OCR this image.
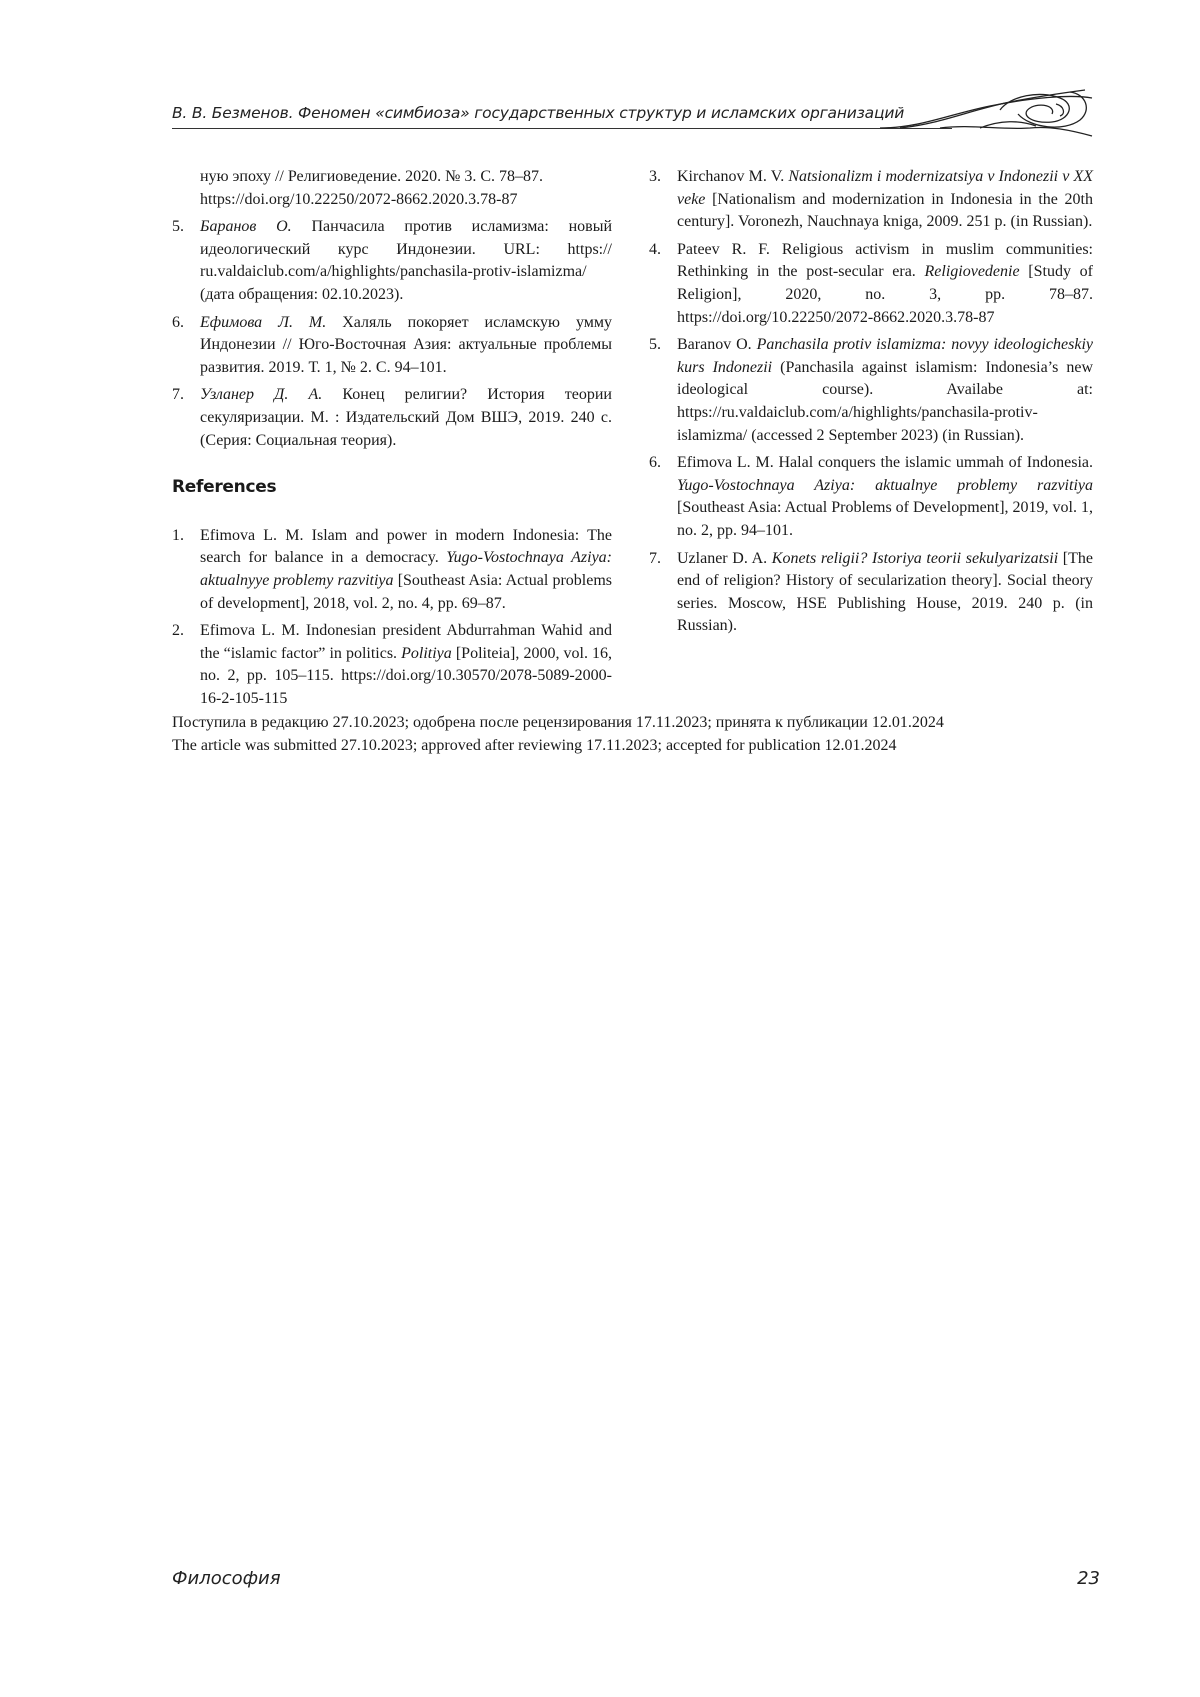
В. В. Безменов. Феномен «симбиоза» государственных структур и исламских организаций
ную эпоху // Религиоведение. 2020. № 3. С. 78–87.
https://doi.org/10.22250/2072-8662.2020.3.78-87
5.	Баранов О. Панчасила против исламизма: новый идеологический курс Индонезии. URL: https:// ru.valdaiclub.com/a/highlights/panchasila-protiv-islamizma/ (дата обращения: 02.10.2023).
6.	Ефимова Л. М. Халяль покоряет исламскую умму Индонезии // Юго-Восточная Азия: актуальные проблемы развития. 2019. Т. 1, № 2. С. 94–101.
7.	Узланер Д. А. Конец религии? История теории секуляризации. М. : Издательский Дом ВШЭ, 2019. 240 с. (Серия: Социальная теория).
References
1.	Efimova L. M. Islam and power in modern Indonesia: The search for balance in a democracy. Yugo-Vostochnaya Aziya: aktualnyye problemy razvitiya [Southeast Asia: Actual problems of development], 2018, vol. 2, no. 4, pp. 69–87.
2.	Efimova L. M. Indonesian president Abdurrahman Wahid and the “islamic factor” in politics. Politiya [Politeia], 2000, vol. 16, no. 2, pp. 105–115. https://doi.org/10.30570/2078-5089-2000-16-2-105-115
3.	Kirchanov M. V. Natsionalizm i modernizatsiya v Indonezii v XX veke [Nationalism and modernization in Indonesia in the 20th century]. Voronezh, Nauchnaya kniga, 2009. 251 p. (in Russian).
4.	Pateev R. F. Religious activism in muslim communities: Rethinking in the post-secular era. Religiovedenie [Study of Religion], 2020, no. 3, pp. 78–87. https://doi.org/10.22250/2072-8662.2020.3.78-87
5.	Baranov O. Panchasila protiv islamizma: novyy ideologicheskiy kurs Indonezii (Panchasila against islamism: Indonesia’s new ideological course). Availabe at: https://ru.valdaiclub.com/a/highlights/panchasila-protiv-islamizma/ (accessed 2 September 2023) (in Russian).
6.	Efimova L. M. Halal conquers the islamic ummah of Indonesia. Yugo-Vostochnaya Aziya: aktualnye problemy razvitiya [Southeast Asia: Actual Problems of Development], 2019, vol. 1, no. 2, pp. 94–101.
7.	Uzlaner D. A. Konets religii? Istoriya teorii sekulyarizatsii [The end of religion? History of secularization theory]. Social theory series. Moscow, HSE Publishing House, 2019. 240 p. (in Russian).
Поступила в редакцию 27.10.2023; одобрена после рецензирования 17.11.2023; принята к публикации 12.01.2024
The article was submitted 27.10.2023; approved after reviewing 17.11.2023; accepted for publication 12.01.2024
Философия	23
